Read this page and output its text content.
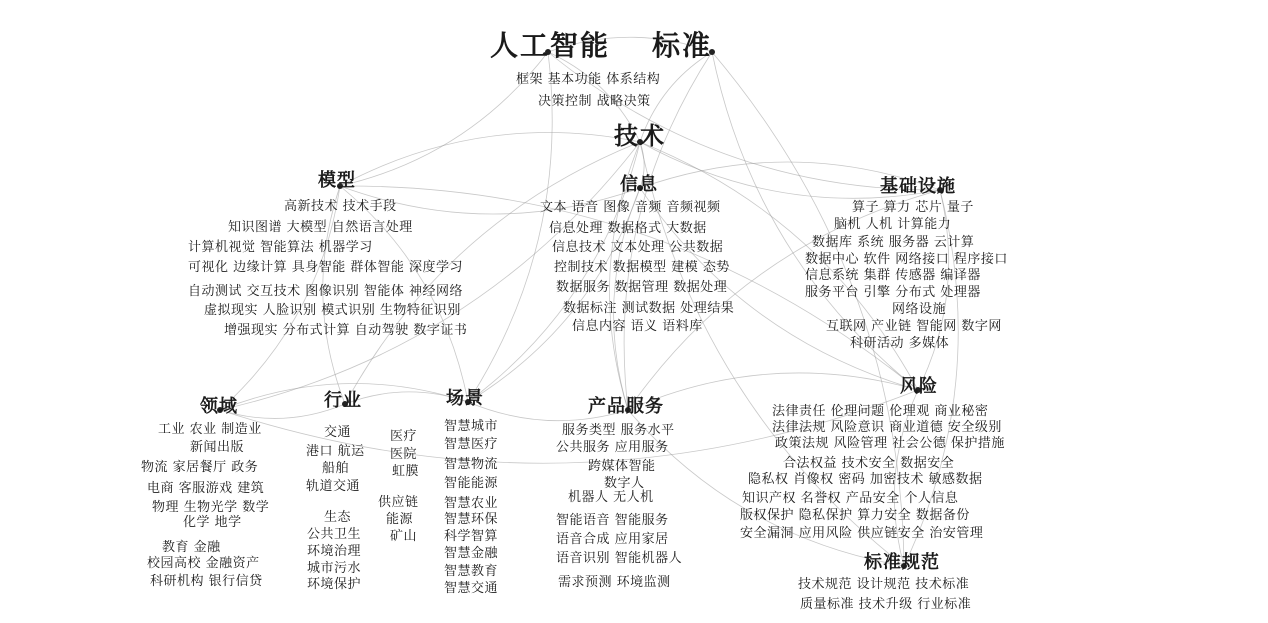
人工智能 标准
框架 基本功能 体系结构
决策控制 战略决策
技术
模型
高新技术 技术手段
知识图谱 大模型 自然语言处理
计算机视觉 智能算法 机器学习
可视化 边缘计算 具身智能 群体智能 深度学习
自动测试 交互技术 图像识别 智能体 神经网络
虚拟现实 人脸识别 模式识别 生物特征识别
增强现实 分布式计算 自动驾驶 数字证书
信息
文本 语音 图像 音频 音频视频
信息处理 数据格式 大数据
信息技术 文本处理 公共数据
控制技术 数据模型 建模 态势
数据服务 数据管理 数据处理
数据标注 测试数据 处理结果
信息内容 语义 语料库
基础设施
算子 算力 芯片 量子
脑机 人机 计算能力
数据库 系统 服务器 云计算
数据中心 软件 网络接口 程序接口
信息系统 集群 传感器 编译器
服务平台 引擎 分布式 处理器
网络设施
互联网 产业链 智能网 数字网
科研活动 多媒体
领域
工业 农业 制造业
新闻出版
物流 家居餐厅 政务
电商 客服游戏 建筑
物理 生物光学 数学
化学 地学
教育 金融
校园高校 金融资产
科研机构 银行信贷
行业
交通
港口 航运
船舶
轨道交通
生态
公共卫生
环境治理
城市污水
环境保护
医疗
医院
虹膜
供应链
能源
矿山
场景
智慧城市
智慧医疗
智慧物流
智能能源
智慧农业
智慧环保
科学智算
智慧金融
智慧教育
智慧交通
产品服务
服务类型 服务水平
公共服务 应用服务
跨媒体智能
数字人
机器人 无人机
智能语音 智能服务
语音合成 应用家居
语音识别 智能机器人
需求预测 环境监测
风险
法律责任 伦理问题 伦理观 商业秘密
法律法规 风险意识 商业道德 安全级别
政策法规 风险管理 社会公德 保护措施
合法权益 技术安全 数据安全
隐私权 肖像权 密码 加密技术 敏感数据
知识产权 名誉权 产品安全 个人信息
版权保护 隐私保护 算力安全 数据备份
安全漏洞 应用风险 供应链安全 治安管理
标准规范
技术规范 设计规范 技术标准
质量标准 技术升级 行业标准
